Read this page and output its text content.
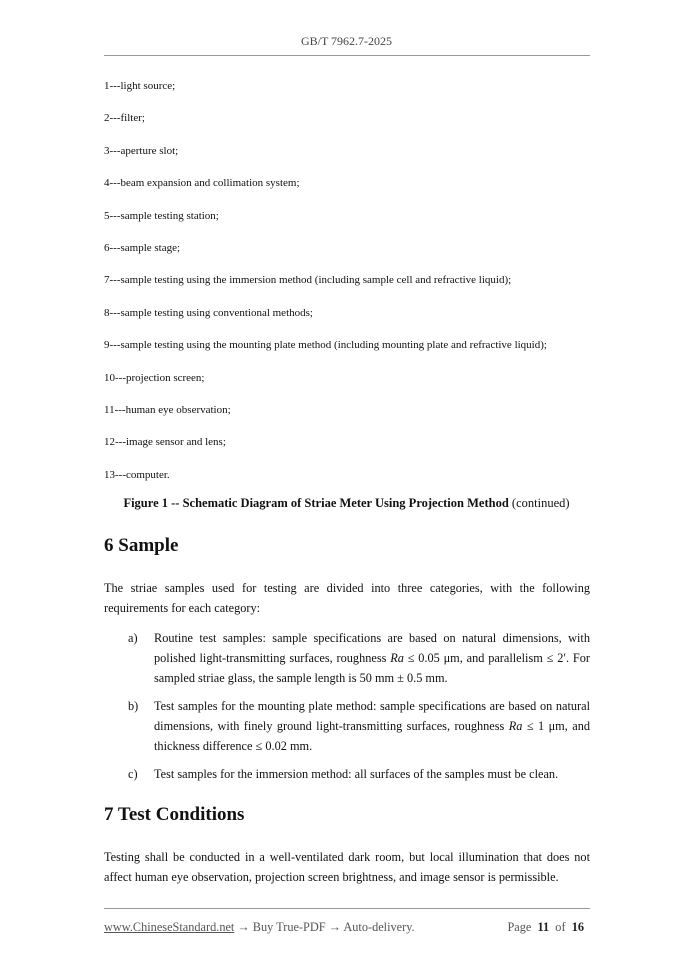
GB/T 7962.7-2025
1---light source;
2---filter;
3---aperture slot;
4---beam expansion and collimation system;
5---sample testing station;
6---sample stage;
7---sample testing using the immersion method (including sample cell and refractive liquid);
8---sample testing using conventional methods;
9---sample testing using the mounting plate method (including mounting plate and refractive liquid);
10---projection screen;
11---human eye observation;
12---image sensor and lens;
13---computer.
Figure 1 -- Schematic Diagram of Striae Meter Using Projection Method (continued)
6 Sample

The striae samples used for testing are divided into three categories, with the following requirements for each category:

a) Routine test samples: sample specifications are based on natural dimensions, with polished light-transmitting surfaces, roughness Ra ≤ 0.05 μm, and parallelism ≤ 2′. For sampled striae glass, the sample length is 50 mm ± 0.5 mm.
b) Test samples for the mounting plate method: sample specifications are based on natural dimensions, with finely ground light-transmitting surfaces, roughness Ra ≤ 1 μm, and thickness difference ≤ 0.02 mm.
c) Test samples for the immersion method: all surfaces of the samples must be clean.
7 Test Conditions

Testing shall be conducted in a well-ventilated dark room, but local illumination that does not affect human eye observation, projection screen brightness, and image sensor is permissible.

www.ChineseStandard.net → Buy True-PDF → Auto-delivery.	Page 11 of 16
